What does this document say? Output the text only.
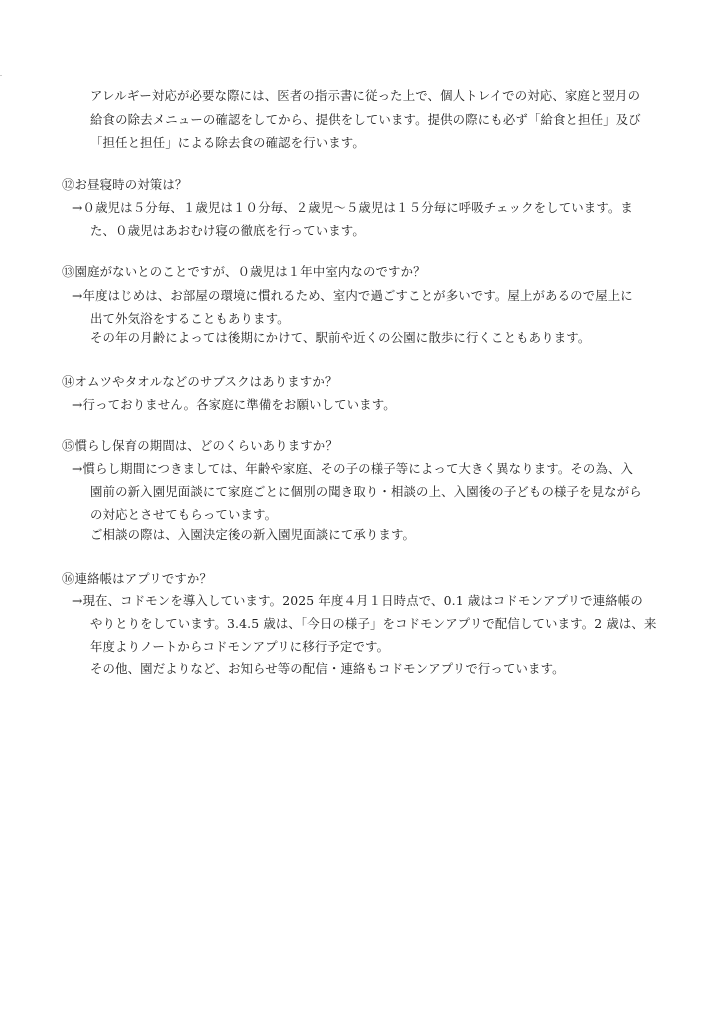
アレルギー対応が必要な際には、医者の指示書に従った上で、個人トレイでの対応、家庭と翌月の
給食の除去メニューの確認をしてから、提供をしています。提供の際にも必ず「給食と担任」及び
「担任と担任」による除去食の確認を行います。
⑫お昼寝時の対策は？
→０歳児は５分毎、１歳児は１０分毎、２歳児～５歳児は１５分毎に呼吸チェックをしています。ま
た、０歳児はあおむけ寝の徹底を行っています。
⑬園庭がないとのことですが、０歳児は１年中室内なのですか？
→年度はじめは、お部屋の環境に慣れるため、室内で過ごすことが多いです。屋上があるので屋上に
出て外気浴をすることもあります。
その年の月齢によっては後期にかけて、駅前や近くの公園に散歩に行くこともあります。
⑭オムツやタオルなどのサブスクはありますか？
→行っておりません。各家庭に準備をお願いしています。
⑮慣らし保育の期間は、どのくらいありますか？
→慣らし期間につきましては、年齢や家庭、その子の様子等によって大きく異なります。その為、入
園前の新入園児面談にて家庭ごとに個別の聞き取り・相談の上、入園後の子どもの様子を見ながら
の対応とさせてもらっています。
ご相談の際は、入園決定後の新入園児面談にて承ります。
⑯連絡帳はアプリですか？
→現在、コドモンを導入しています。2025 年度４月１日時点で、0.1 歳はコドモンアプリで連絡帳の
やりとりをしています。3.4.5 歳は、「今日の様子」をコドモンアプリで配信しています。2 歳は、来
年度よりノートからコドモンアプリに移行予定です。
その他、園だよりなど、お知らせ等の配信・連絡もコドモンアプリで行っています。
